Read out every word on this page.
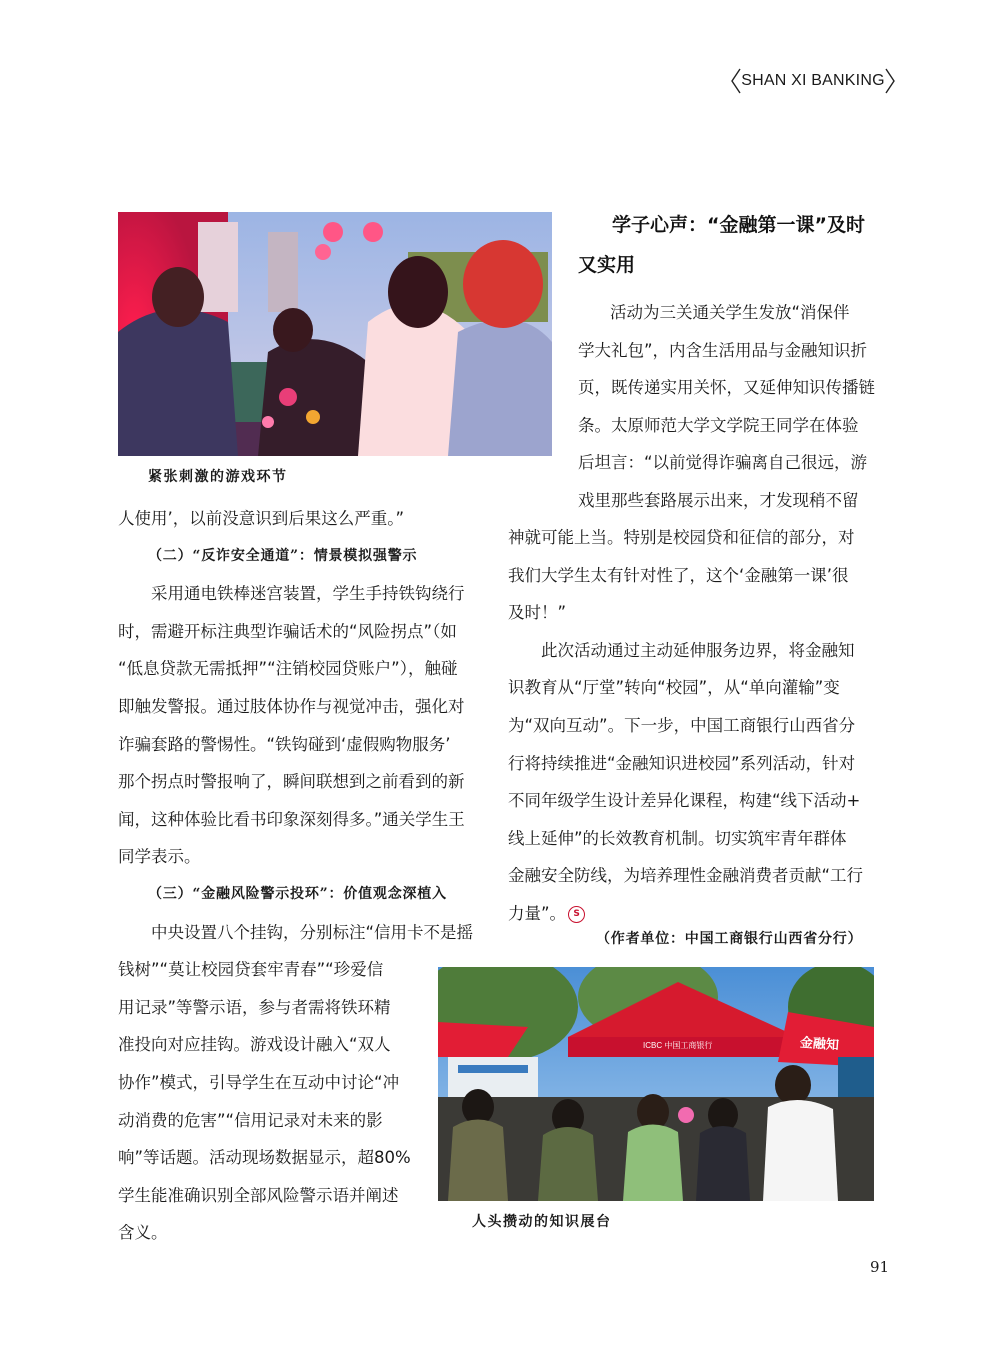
SHAN XI BANKING
紧张刺激的游戏环节
人使用’，以前没意识到后果这么严重。”
（二）“反诈安全通道”：情景模拟强警示
　　采用通电铁棒迷宫装置，学生手持铁钩绕行
时，需避开标注典型诈骗话术的“风险拐点”（如
“低息贷款无需抵押”“注销校园贷账户”），触碰
即触发警报。通过肢体协作与视觉冲击，强化对
诈骗套路的警惕性。“铁钩碰到‘虚假购物服务’
那个拐点时警报响了，瞬间联想到之前看到的新
闻，这种体验比看书印象深刻得多。”通关学生王
同学表示。
（三）“金融风险警示投环”：价值观念深植入
　　中央设置八个挂钩，分别标注“信用卡不是摇
钱树”“莫让校园贷套牢青春”“珍爱信
用记录”等警示语，参与者需将铁环精
准投向对应挂钩。游戏设计融入“双人
协作”模式，引导学生在互动中讨论“冲
动消费的危害”“信用记录对未来的影
响”等话题。活动现场数据显示，超80%
学生能准确识别全部风险警示语并阐述
含义。
学子心声：“金融第一课”及时
又实用
活动为三关通关学生发放“消保伴
学大礼包”，内含生活用品与金融知识折
页，既传递实用关怀，又延伸知识传播链
条。太原师范大学文学院王同学在体验
后坦言：“以前觉得诈骗离自己很远，游
戏里那些套路展示出来，才发现稍不留
神就可能上当。特别是校园贷和征信的部分，对
我们大学生太有针对性了，这个‘金融第一课’很
及时！”
　　此次活动通过主动延伸服务边界，将金融知
识教育从“厅堂”转向“校园”，从“单向灌输”变
为“双向互动”。下一步，中国工商银行山西省分
行将持续推进“金融知识进校园”系列活动，针对
不同年级学生设计差异化课程，构建“线下活动+
线上延伸”的长效教育机制。切实筑牢青年群体
金融安全防线，为培养理性金融消费者贡献“工行
力量”。 S
（作者单位：中国工商银行山西省分行）
ICBC 中国工商银行	金融知
人头攒动的知识展台
91
